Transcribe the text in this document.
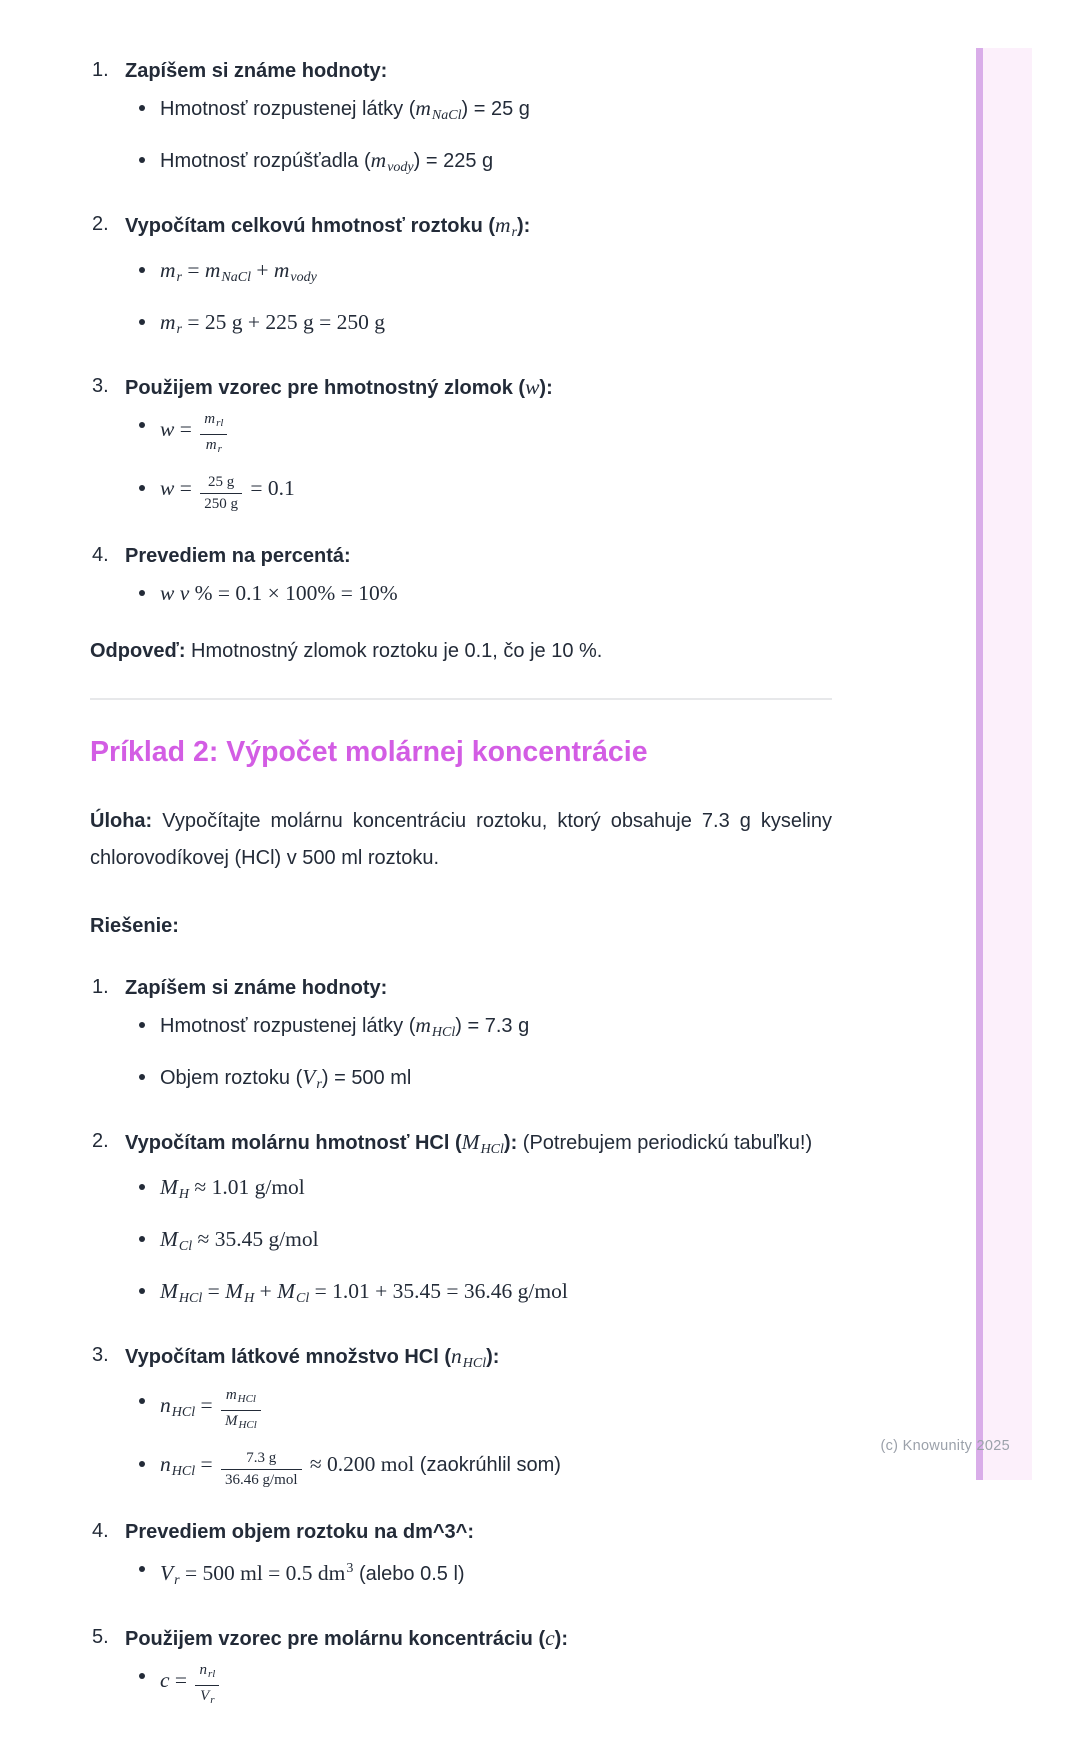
(c) Knowunity 2025
1. Zapíšem si známe hodnoty:
Hmotnosť rozpustenej látky (mNaCl) = 25 g
Hmotnosť rozpúšťadla (mvody) = 225 g
2. Vypočítam celkovú hmotnosť roztoku (mr):
mr = mNaCl + mvody
mr = 25 g + 225 g = 250 g
3. Použijem vzorec pre hmotnostný zlomok (w):
$w = \frac{m_{rl}}{m_r}$
$w = \frac{25 g}{250 g} = 0.1$
4. Prevediem na percentá:
w v % = 0.1 × 100% = 10%

Odpoveď: Hmotnostný zlomok roztoku je 0.1, čo je 10 %.

Príklad 2: Výpočet molárnej koncentrácie

Úloha: Vypočítajte molárnu koncentráciu roztoku, ktorý obsahuje 7.3 g kyseliny chlorovodíkovej (HCl) v 500 ml roztoku.

Riešenie:

1. Zapíšem si známe hodnoty:
Hmotnosť rozpustenej látky (mHCl) = 7.3 g
Objem roztoku (Vr) = 500 ml
2. Vypočítam molárnu hmotnosť HCl (MHCl): (Potrebujem periodickú tabuľku!)
MH ≈ 1.01 g/mol
MCl ≈ 35.45 g/mol
MHCl = MH + MCl = 1.01 + 35.45 = 36.46 g/mol
3. Vypočítam látkové množstvo HCl (nHCl):
nHCl = $\frac{m_{HCl}}{M_{HCl}}$
nHCl = $\frac{7.3 g}{\text{36.46 g/mol}} \approx 0.200$ mol (zaokrúhlil som)
4. Prevediem objem roztoku na dm^3^:
Vr = 500 ml = 0.5 $dm^3$ (alebo 0.5 l)
5. Použijem vzorec pre molárnu koncentráciu (c):
$c = \frac{n_{rl}}{V_r}$
